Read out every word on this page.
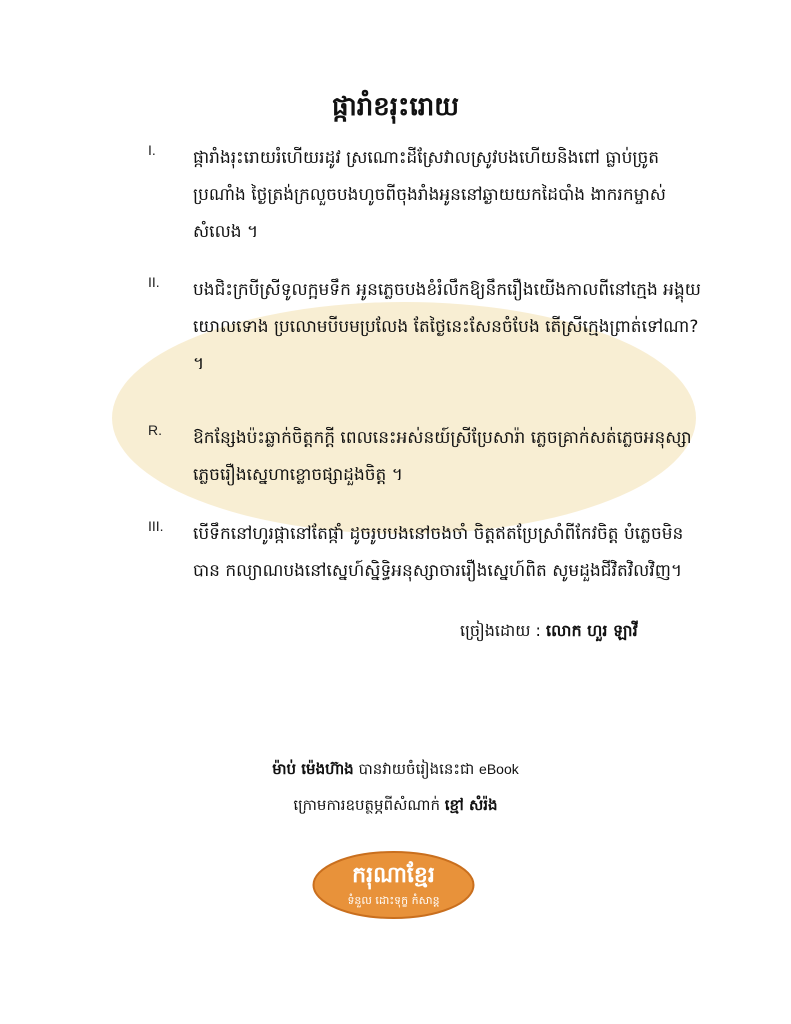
ផ្ការាំខរុះរោយ
I.	ផ្ការាំងរុះរោយរំហើយរដូវ ស្រណោះដីស្រែវាលស្រូវបងហើយនិងពៅ ធ្លាប់ច្រូត ប្រណាំង ថ្ងៃត្រង់ក្រលួចបងហូចពីចុងរាំងអូននៅឆ្ងាយយកដៃបាំង ងាករកម្ចាស់សំលេង ។
II.	បងជិះក្របីស្រីទូលក្អមទឹក អូនភ្លេចបងខំរំលឹកឱ្យនឹករឿងយើងកាលពីនៅក្មេង អង្គុយ យោលទោង ប្រលោមបីបមប្រលែង តែថ្ងៃនេះសែនចំបែង តើស្រីក្មេងព្រាត់ទៅណា? ។
R.	ឱកន្សែងប៉ះឆ្លាក់ចិត្តកក្តី ពេលនេះអស់នយ៍ស្រីប្រែសារ៉ា ភ្លេចគ្រាក់សត់ភ្លេចអនុស្សា ភ្លេចរឿងស្នេហាខ្លោចផ្សាដួងចិត្ត ។
III.	បើទឹកនៅហូរផ្កានៅតែផ្កាំ ដូចរូបបងនៅចងចាំ ចិត្តឥតប្រែស្រាំពីកែវចិត្ត បំភ្លេចមិន បាន កល្យាណបងនៅស្នេហ៍ស្និទ្ធិអនុស្សាចាររឿងស្នេហ៍ពិត សូមដួងជីវិតវិលវិញ។
ច្រៀងដោយ : លោក ហួរ ឡាវី
ម៉ាប់ ម៉េងហ៊ាង បានវាយចំរៀងនេះជា eBook
ក្រោមការឧបត្ថម្ភពីសំណាក់ ខ្មៅ សំរ៉ង
ករុណាខ្មែរ
ទំនួល ដោះទុក្ខ កំសាន្ត
